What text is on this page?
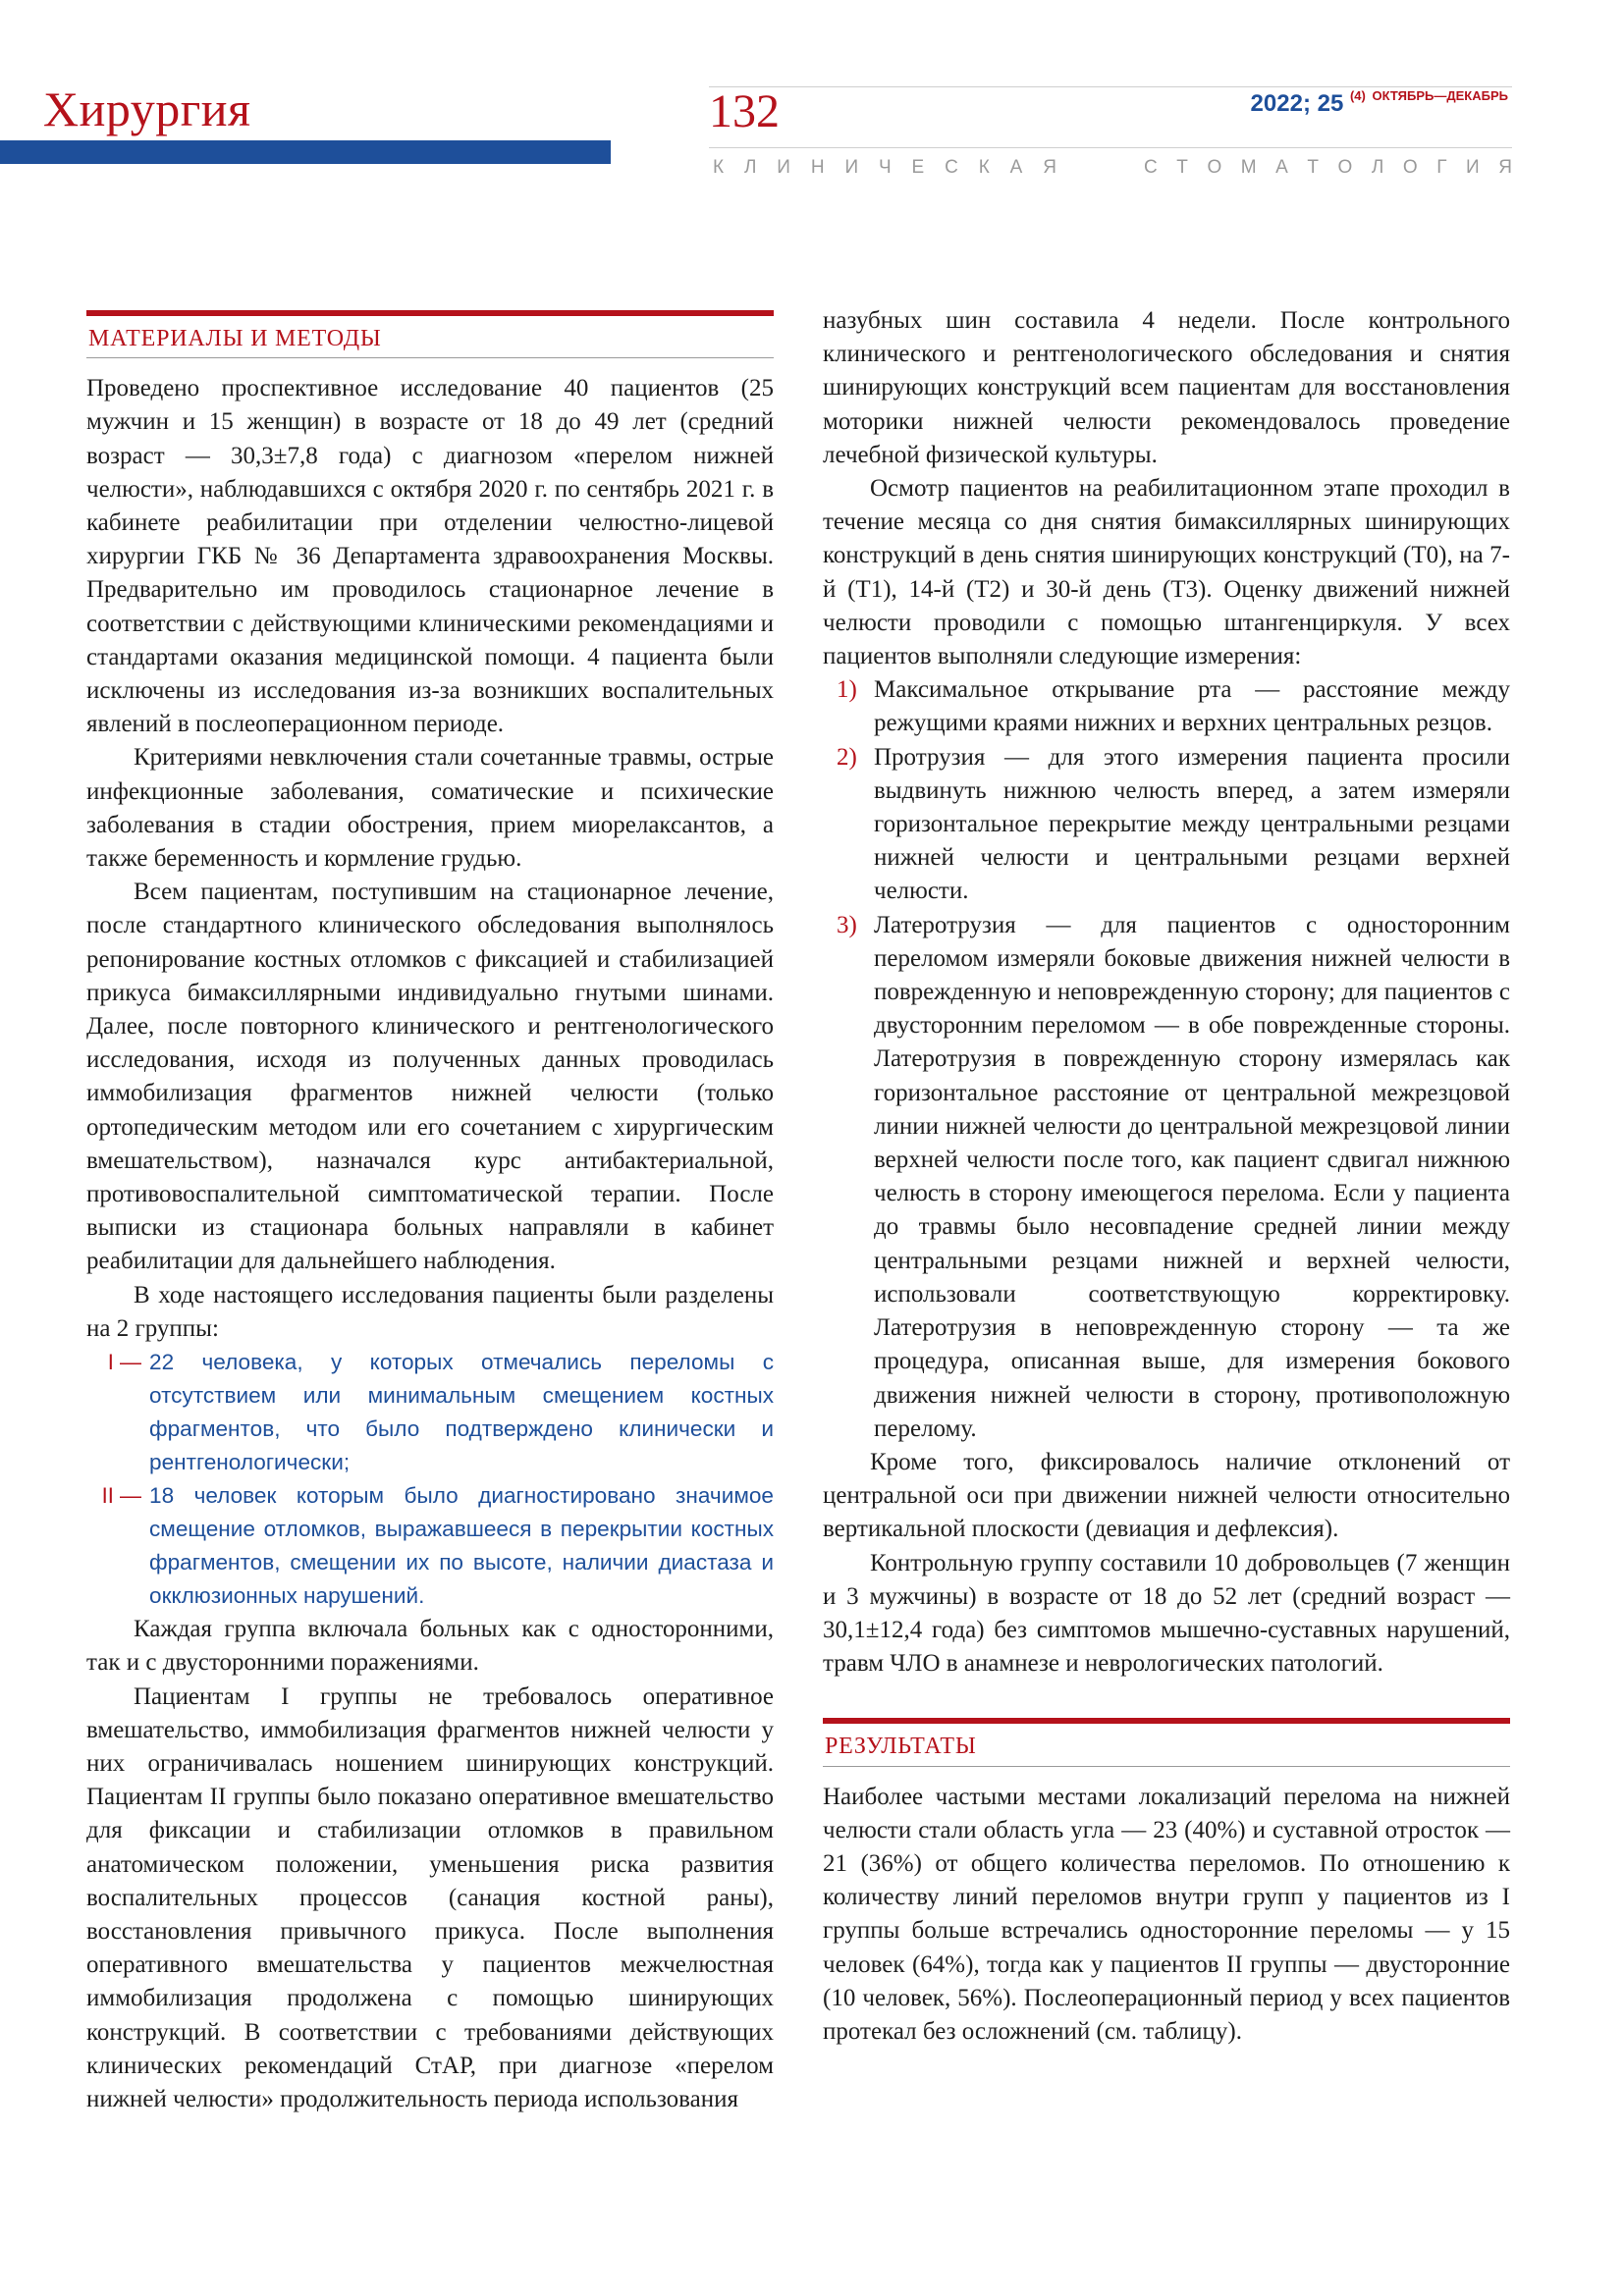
Хирургия	132	2022; 25 $^{(4)}$ $^{ОКТЯБРЬ—ДЕКАБРЬ}$
К Л И Н И Ч Е С К А Я	С Т О М А Т О Л О Г И Я
МАТЕРИАЛЫ И МЕТОДЫ

Проведено проспективное исследование 40 пациентов (25 мужчин и 15 женщин) в возрасте от 18 до 49 лет (средний возраст — 30,3±7,8 года) с диагнозом «перелом нижней челюсти», наблюдавшихся с октября 2020 г. по сентябрь 2021 г. в кабинете реабилитации при отделении челюстно-лицевой хирургии ГКБ № 36 Департамента здравоохранения Москвы. Предварительно им проводилось стационарное лечение в соответствии с действующими клиническими рекомендациями и стандартами оказания медицинской помощи. 4 пациента были исключены из исследования из-за возникших воспалительных явлений в послеоперационном периоде.

Критериями невключения стали сочетанные травмы, острые инфекционные заболевания, соматические и психические заболевания в стадии обострения, прием миорелаксантов, а также беременность и кормление грудью.

Всем пациентам, поступившим на стационарное лечение, после стандартного клинического обследования выполнялось репонирование костных отломков с фиксацией и стабилизацией прикуса бимаксиллярными индивидуально гнутыми шинами. Далее, после повторного клинического и рентгенологического исследования, исходя из полученных данных проводилась иммобилизация фрагментов нижней челюсти (только ортопедическим методом или его сочетанием с хирургическим вмешательством), назначался курс антибактериальной, противовоспалительной симптоматической терапии. После выписки из стационара больных направляли в кабинет реабилитации для дальнейшего наблюдения.

В ходе настоящего исследования пациенты были разделены на 2 группы:

I — 22 человека, у которых отмечались переломы с отсутствием или минимальным смещением костных фрагментов, что было подтверждено клинически и рентгенологически;
II — 18 человек которым было диагностировано значимое смещение отломков, выражавшееся в перекрытии костных фрагментов, смещении их по высоте, наличии диастаза и окклюзионных нарушений.

Каждая группа включала больных как с односторонними, так и с двусторонними поражениями.

Пациентам I группы не требовалось оперативное вмешательство, иммобилизация фрагментов нижней челюсти у них ограничивалась ношением шинирующих конструкций. Пациентам II группы было показано оперативное вмешательство для фиксации и стабилизации отломков в правильном анатомическом положении, уменьшения риска развития воспалительных процессов (санация костной раны), восстановления привычного прикуса. После выполнения оперативного вмешательства у пациентов межчелюстная иммобилизация продолжена с помощью шинирующих конструкций. В соответствии с требованиями действующих клинических рекомендаций СтАР, при диагнозе «перелом нижней челюсти» продолжительность периода использования

назубных шин составила 4 недели. После контрольного клинического и рентгенологического обследования и снятия шинирующих конструкций всем пациентам для восстановления моторики нижней челюсти рекомендовалось проведение лечебной физической культуры.

Осмотр пациентов на реабилитационном этапе проходил в течение месяца со дня снятия бимаксиллярных шинирующих конструкций в день снятия шинирующих конструкций (T0), на 7-й (T1), 14-й (T2) и 30-й день (T3). Оценку движений нижней челюсти проводили с помощью штангенциркуля. У всех пациентов выполняли следующие измерения:

1) Максимальное открывание рта — расстояние между режущими краями нижних и верхних центральных резцов.
2) Протрузия — для этого измерения пациента просили выдвинуть нижнюю челюсть вперед, а затем измеряли горизонтальное перекрытие между центральными резцами нижней челюсти и центральными резцами верхней челюсти.
3) Латеротрузия — для пациентов с односторонним переломом измеряли боковые движения нижней челюсти в поврежденную и неповрежденную сторону; для пациентов с двусторонним переломом — в обе поврежденные стороны. Латеротрузия в поврежденную сторону измерялась как горизонтальное расстояние от центральной межрезцовой линии нижней челюсти до центральной межрезцовой линии верхней челюсти после того, как пациент сдвигал нижнюю челюсть в сторону имеющегося перелома. Если у пациента до травмы было несовпадение средней линии между центральными резцами нижней и верхней челюсти, использовали соответствующую корректировку. Латеротрузия в неповрежденную сторону — та же процедура, описанная выше, для измерения бокового движения нижней челюсти в сторону, противоположную перелому.

Кроме того, фиксировалось наличие отклонений от центральной оси при движении нижней челюсти относительно вертикальной плоскости (девиация и дефлексия).

Контрольную группу составили 10 добровольцев (7 женщин и 3 мужчины) в возрасте от 18 до 52 лет (средний возраст — 30,1±12,4 года) без симптомов мышечно-суставных нарушений, травм ЧЛО в анамнезе и неврологических патологий.

РЕЗУЛЬТАТЫ

Наиболее частыми местами локализаций перелома на нижней челюсти стали область угла — 23 (40%) и суставной отросток — 21 (36%) от общего количества переломов. По отношению к количеству линий переломов внутри групп у пациентов из I группы больше встречались односторонние переломы — у 15 человек (64%), тогда как у пациентов II группы — двусторонние (10 человек, 56%). Послеоперационный период у всех пациентов протекал без осложнений (см. таблицу).
